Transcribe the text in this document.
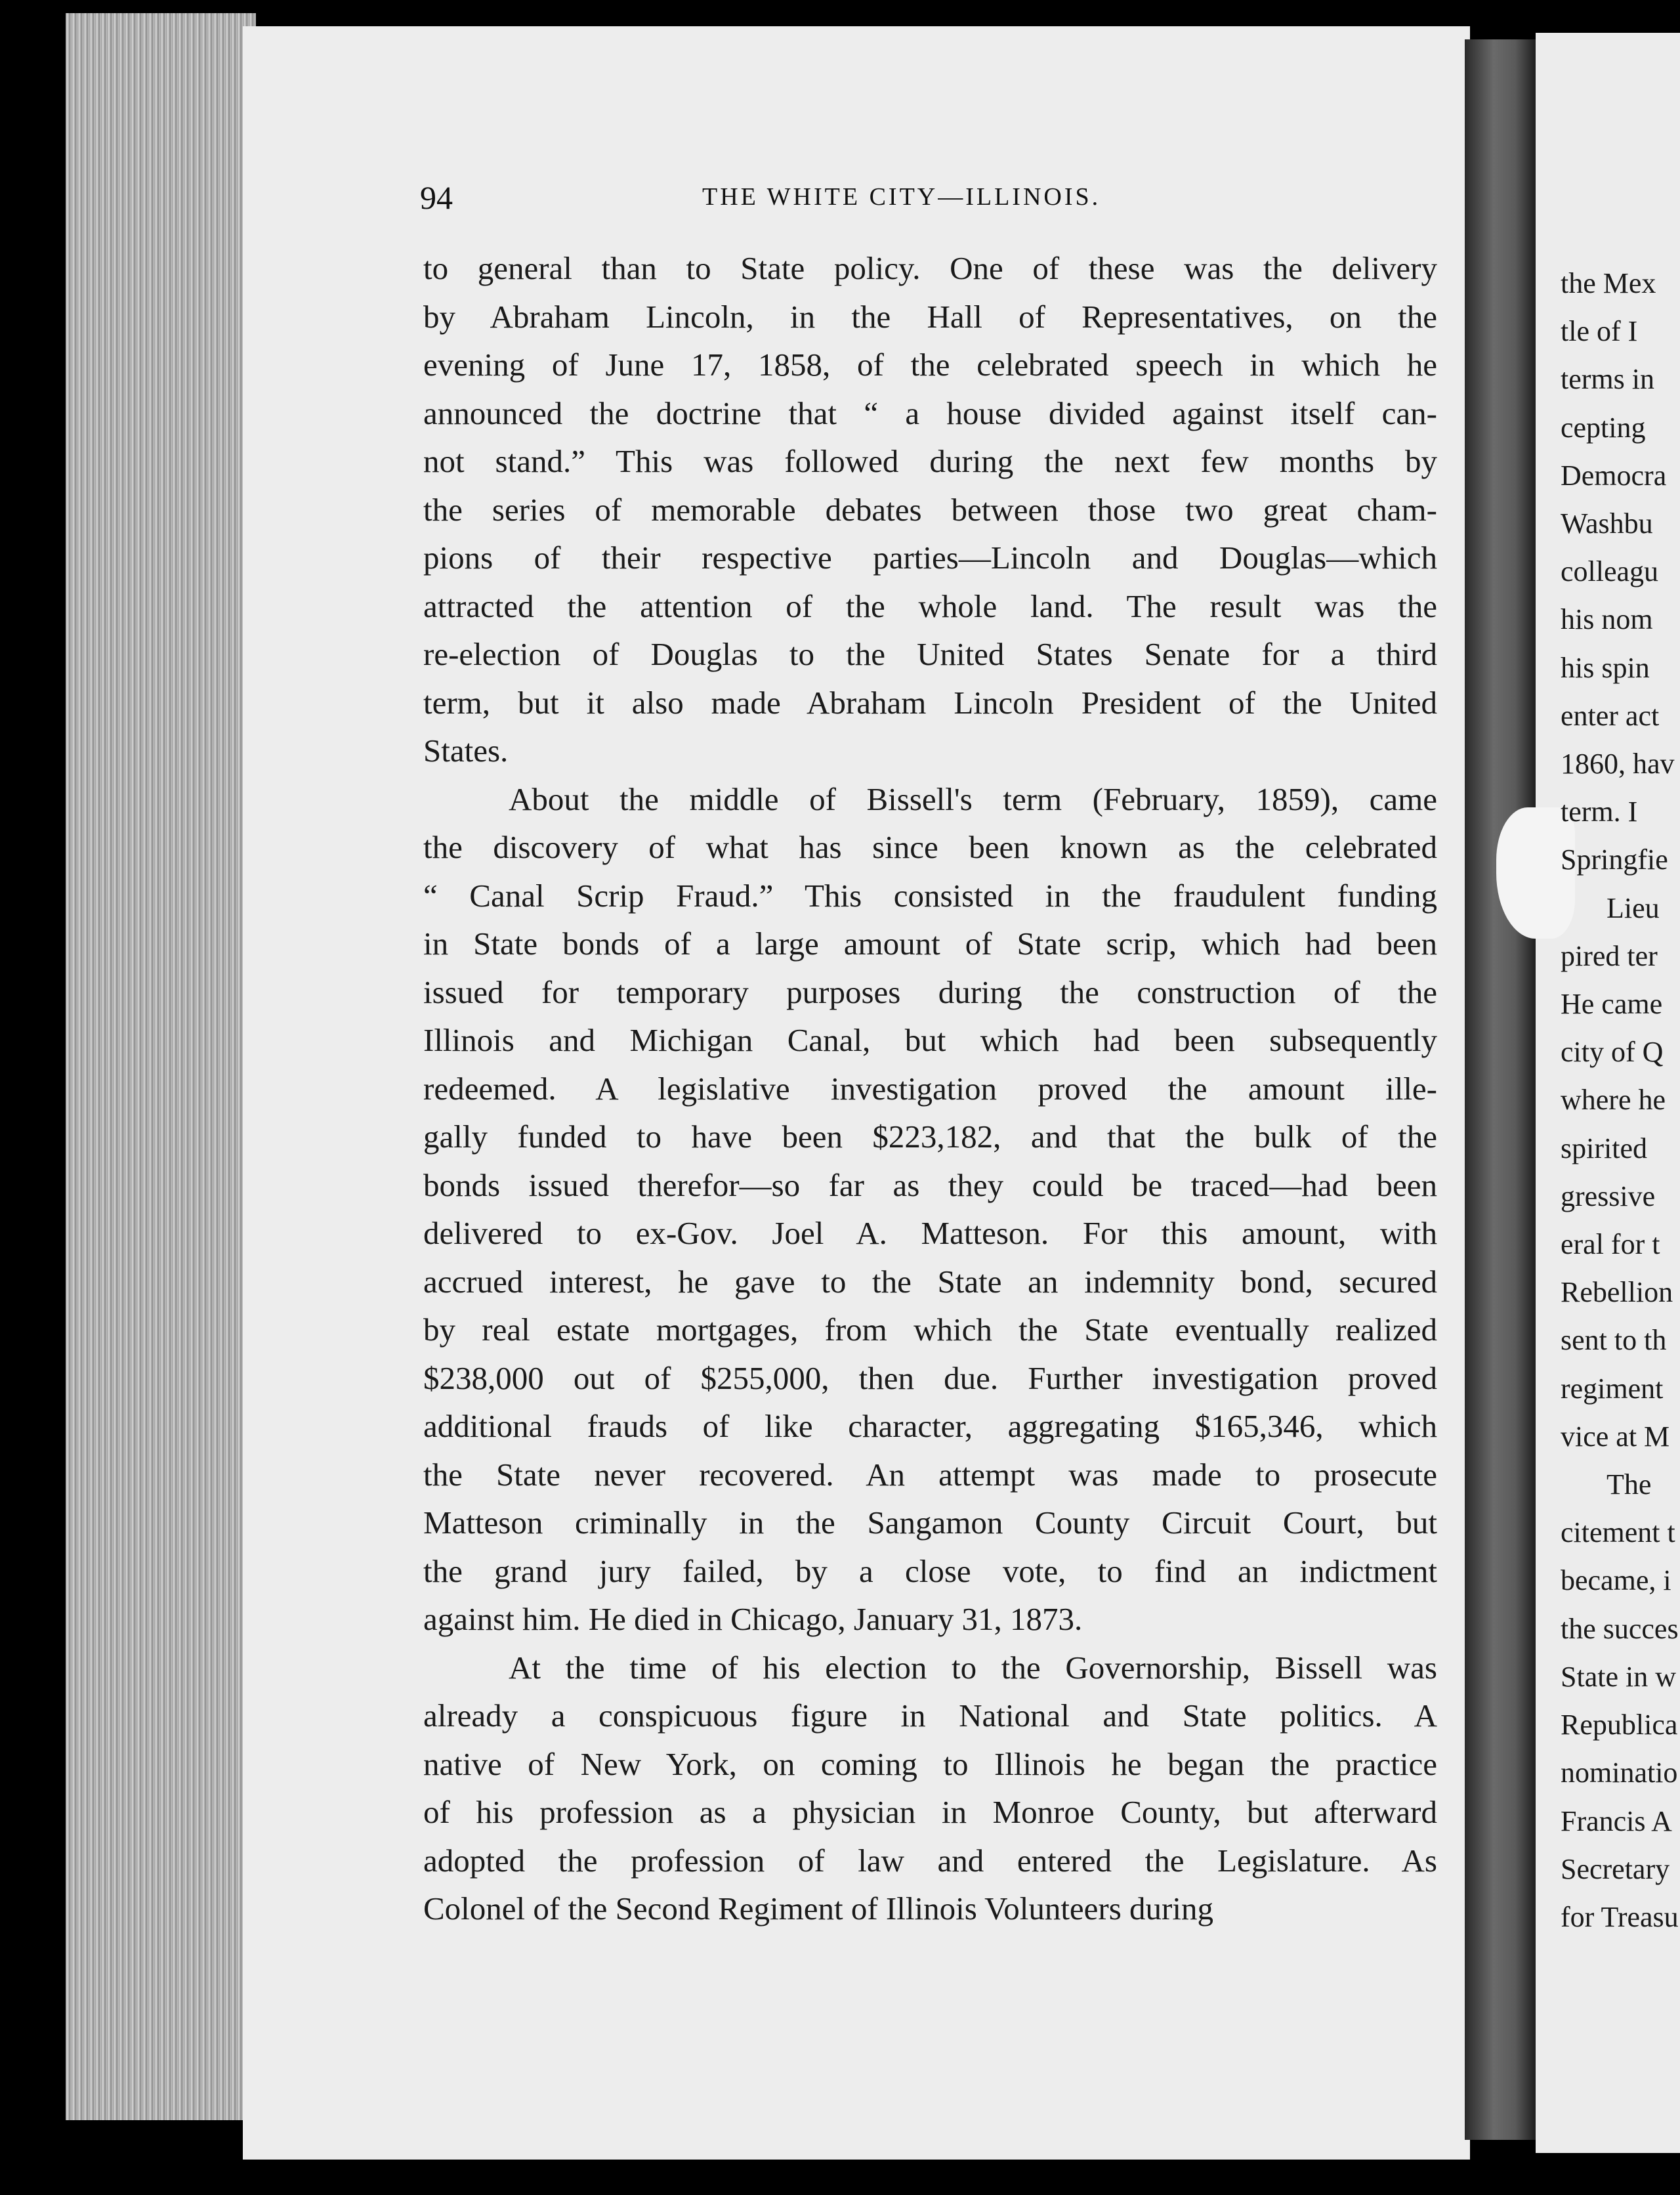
94	THE WHITE CITY—ILLINOIS.

to general than to State policy. One of these was the delivery
by Abraham Lincoln, in the Hall of Representatives, on the
evening of June 17, 1858, of the celebrated speech in which he
announced the doctrine that “ a house divided against itself can-
not stand.” This was followed during the next few months by
the series of memorable debates between those two great cham-
pions of their respective parties—Lincoln and Douglas—which
attracted the attention of the whole land. The result was the
re-election of Douglas to the United States Senate for a third
term, but it also made Abraham Lincoln President of the United
States.

About the middle of Bissell's term (February, 1859), came
the discovery of what has since been known as the celebrated
“ Canal Scrip Fraud.” This consisted in the fraudulent funding
in State bonds of a large amount of State scrip, which had been
issued for temporary purposes during the construction of the
Illinois and Michigan Canal, but which had been subsequently
redeemed. A legislative investigation proved the amount ille-
gally funded to have been $223,182, and that the bulk of the
bonds issued therefor—so far as they could be traced—had been
delivered to ex-Gov. Joel A. Matteson. For this amount, with
accrued interest, he gave to the State an indemnity bond, secured
by real estate mortgages, from which the State eventually realized
$238,000 out of $255,000, then due. Further investigation proved
additional frauds of like character, aggregating $165,346, which
the State never recovered. An attempt was made to prosecute
Matteson criminally in the Sangamon County Circuit Court, but
the grand jury failed, by a close vote, to find an indictment
against him. He died in Chicago, January 31, 1873.

At the time of his election to the Governorship, Bissell was
already a conspicuous figure in National and State politics. A
native of New York, on coming to Illinois he began the practice
of his profession as a physician in Monroe County, but afterward
adopted the profession of law and entered the Legislature. As
Colonel of the Second Regiment of Illinois Volunteers during

the Mex
tle of I
terms in
cepting
Democra
Washbu
colleagu
his nom
his spin
enter act
1860, hav
term. I
Springfie
Lieu
pired ter
He came
city of Q
where he
spirited
gressive
eral for t
Rebellion
sent to th
regiment
vice at M
The
citement t
became, i
the succes
State in w
Republica
nominatio
Francis A
Secretary
for Treasu
